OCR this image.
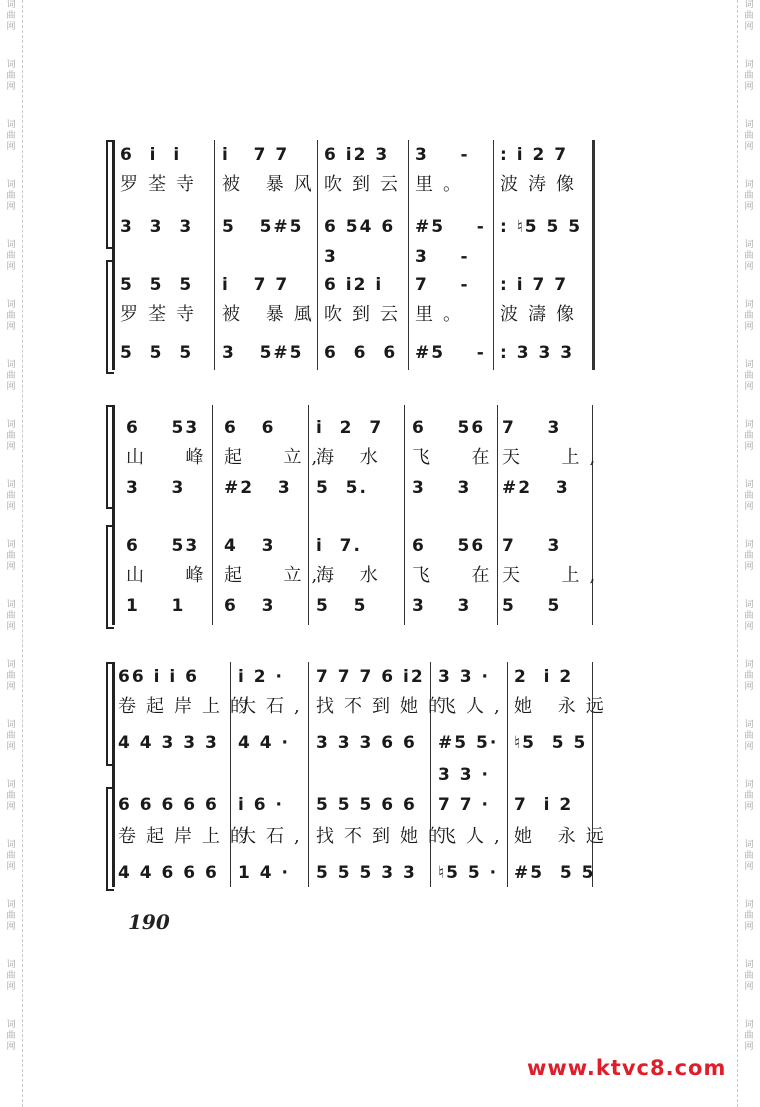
词
曲
网
词
曲
网
词
曲
网
词
曲
网
词
曲
网
词
曲
网
词
曲
网
词
曲
网
词
曲
网
词
曲
网
词
曲
网
词
曲
网
词
曲
网
词
曲
网
词
曲
网
词
曲
网
词
曲
网
词
曲
网
词
曲
网
词
曲
网
词
曲
网
词
曲
网
词
曲
网
词
曲
网
词
曲
网
词
曲
网
词
曲
网
词
曲
网
词
曲
网
词
曲
网
词
曲
网
词
曲
网
词
曲
网
词
曲
网
词
曲
网
词
曲
网
6  i  i i   7 7 6 i2 3 3    - : i 2 7
罗荃寺 被 暴风 吹到云 里。 波涛像
3  3  3 5   5#5 6 54 6 #5    - : ♮5 5 5
3	3    -
5  5  5 i   7 7 6 i2 i 7    - : i 7 7
罗荃寺 被 暴風 吹到云 里。 波濤像
5  5  5 3   5#5 6  6  6 #5    - : 3 3 3
6    53 6   6 i  2  7 6    56 7    3
山  峰 起  立,
海 水 飞  在 天  上,
3    3 #2   3 5  5.	3    3 #2   3
6    53 4   3 i  7.	6    56 7    3
山  峰 起  立,
海 水 飞  在 天  上,
1    1 6   3 5   5	3    3 5    5
66 i i 6 i 2 · 7 7 7 6 i2 3 3 · 2  i 2
卷起岸上的
大石, 找不到她的
飞人, 她 永远
4 4 3 3 3 4 4 · 3 3 3 6 6 #5 5· ♮5  5 5
3 3 ·
6 6 6 6 6 i 6 · 5 5 5 6 6 7 7 · 7  i 2
卷起岸上的
大石, 找不到她的
飞人, 她 永远
4 4 6 6 6 1 4 · 5 5 5 3 3 ♮5 5 · #5  5 5
190
www.ktvc8.com
